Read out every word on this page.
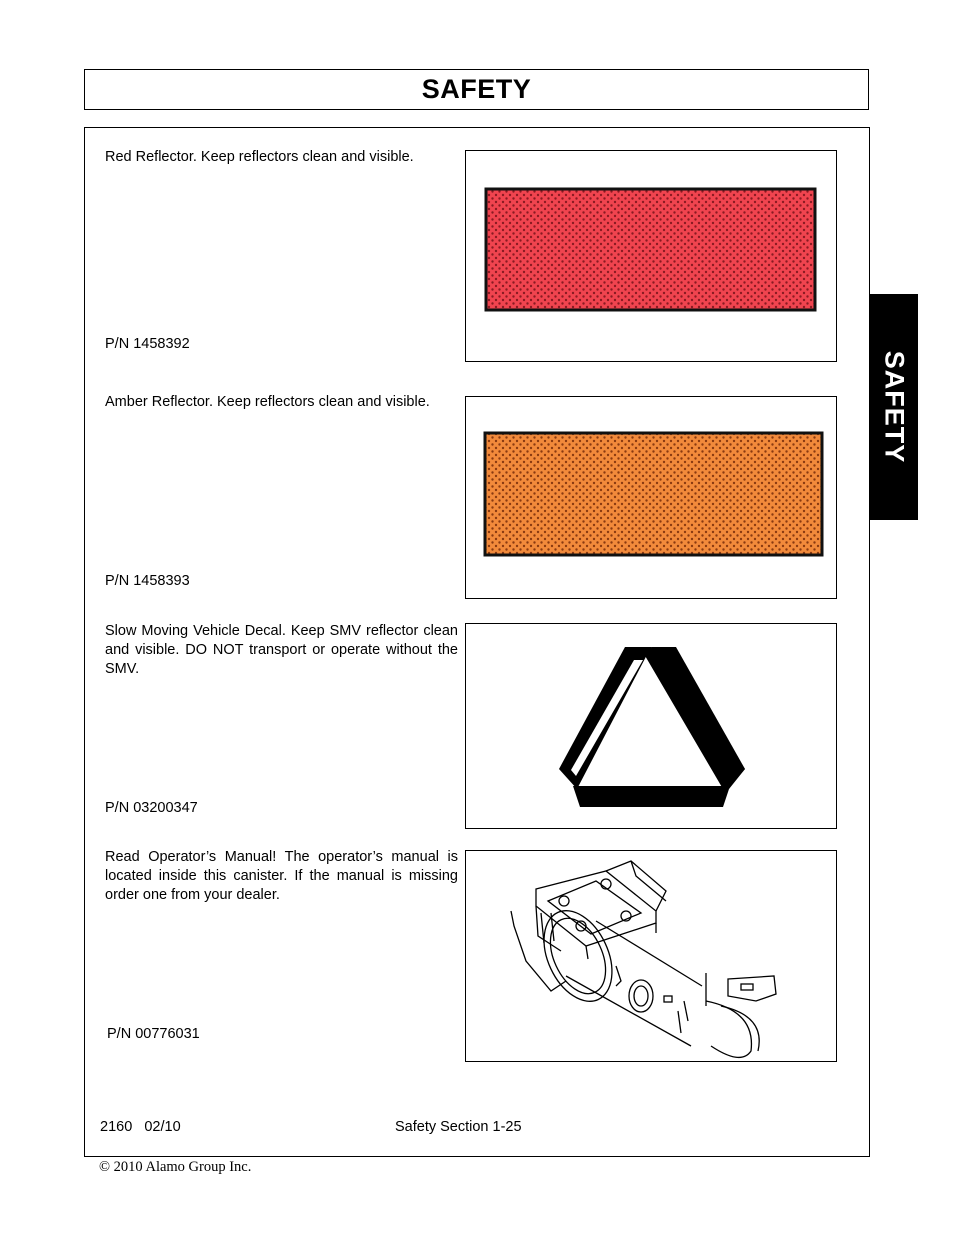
SAFETY
SAFETY
Red Reflector. Keep reflectors clean and visible.
P/N 1458392
Amber Reflector. Keep reflectors clean and visible.
P/N 1458393
Slow Moving Vehicle Decal. Keep SMV reflector clean and visible. DO NOT transport or operate without the SMV.
P/N 03200347
Read Operator’s Manual! The operator’s manual is located inside this canister. If the manual is missing order one from your dealer.
P/N 00776031
2160   02/10	Safety Section 1-25
© 2010 Alamo Group Inc.
